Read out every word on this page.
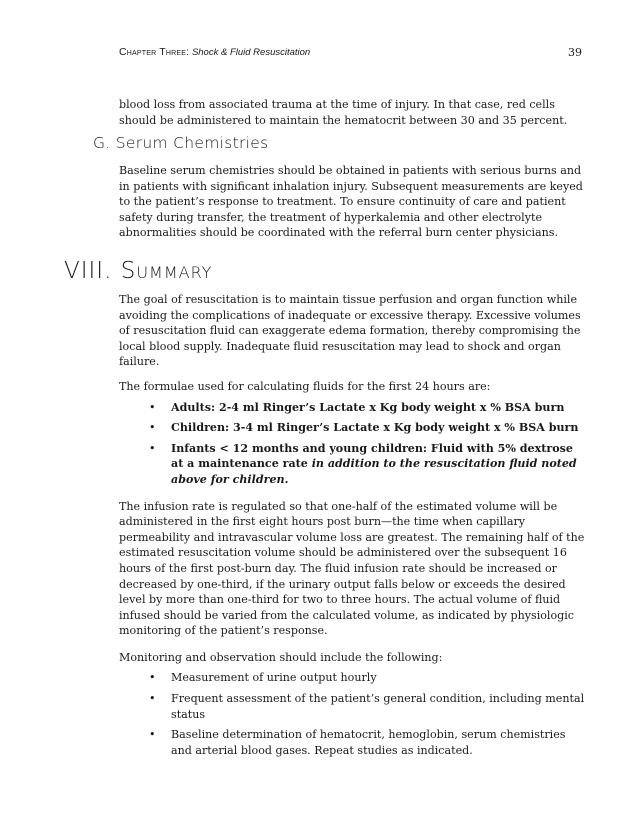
Chapter Three: Shock & Fluid Resuscitation	39

blood loss from associated trauma at the time of injury. In that case, red cells should be administered to maintain the hematocrit between 30 and 35 percent.

G. Serum Chemistries

Baseline serum chemistries should be obtained in patients with serious burns and in patients with significant inhalation injury. Subsequent measurements are keyed to the patient’s response to treatment. To ensure continuity of care and patient safety during transfer, the treatment of hyperkalemia and other electrolyte abnormalities should be coordinated with the referral burn center physicians.

VIII. Summary

The goal of resuscitation is to maintain tissue perfusion and organ function while avoiding the complications of inadequate or excessive therapy. Excessive volumes of resuscitation fluid can exaggerate edema formation, thereby compromising the local blood supply. Inadequate fluid resuscitation may lead to shock and organ failure.

The formulae used for calculating fluids for the first 24 hours are:

• Adults: 2-4 ml Ringer’s Lactate x Kg body weight x % BSA burn
• Children: 3-4 ml Ringer’s Lactate x Kg body weight x % BSA burn
• Infants < 12 months and young children: Fluid with 5% dextrose at a maintenance rate in addition to the resuscitation fluid noted above for children.

The infusion rate is regulated so that one-half of the estimated volume will be administered in the first eight hours post burn—the time when capillary permeability and intravascular volume loss are greatest. The remaining half of the estimated resuscitation volume should be administered over the subsequent 16 hours of the first post-burn day. The fluid infusion rate should be increased or decreased by one-third, if the urinary output falls below or exceeds the desired level by more than one-third for two to three hours. The actual volume of fluid infused should be varied from the calculated volume, as indicated by physiologic monitoring of the patient’s response.

Monitoring and observation should include the following:

• Measurement of urine output hourly
• Frequent assessment of the patient’s general condition, including mental status
• Baseline determination of hematocrit, hemoglobin, serum chemistries and arterial blood gases. Repeat studies as indicated.
